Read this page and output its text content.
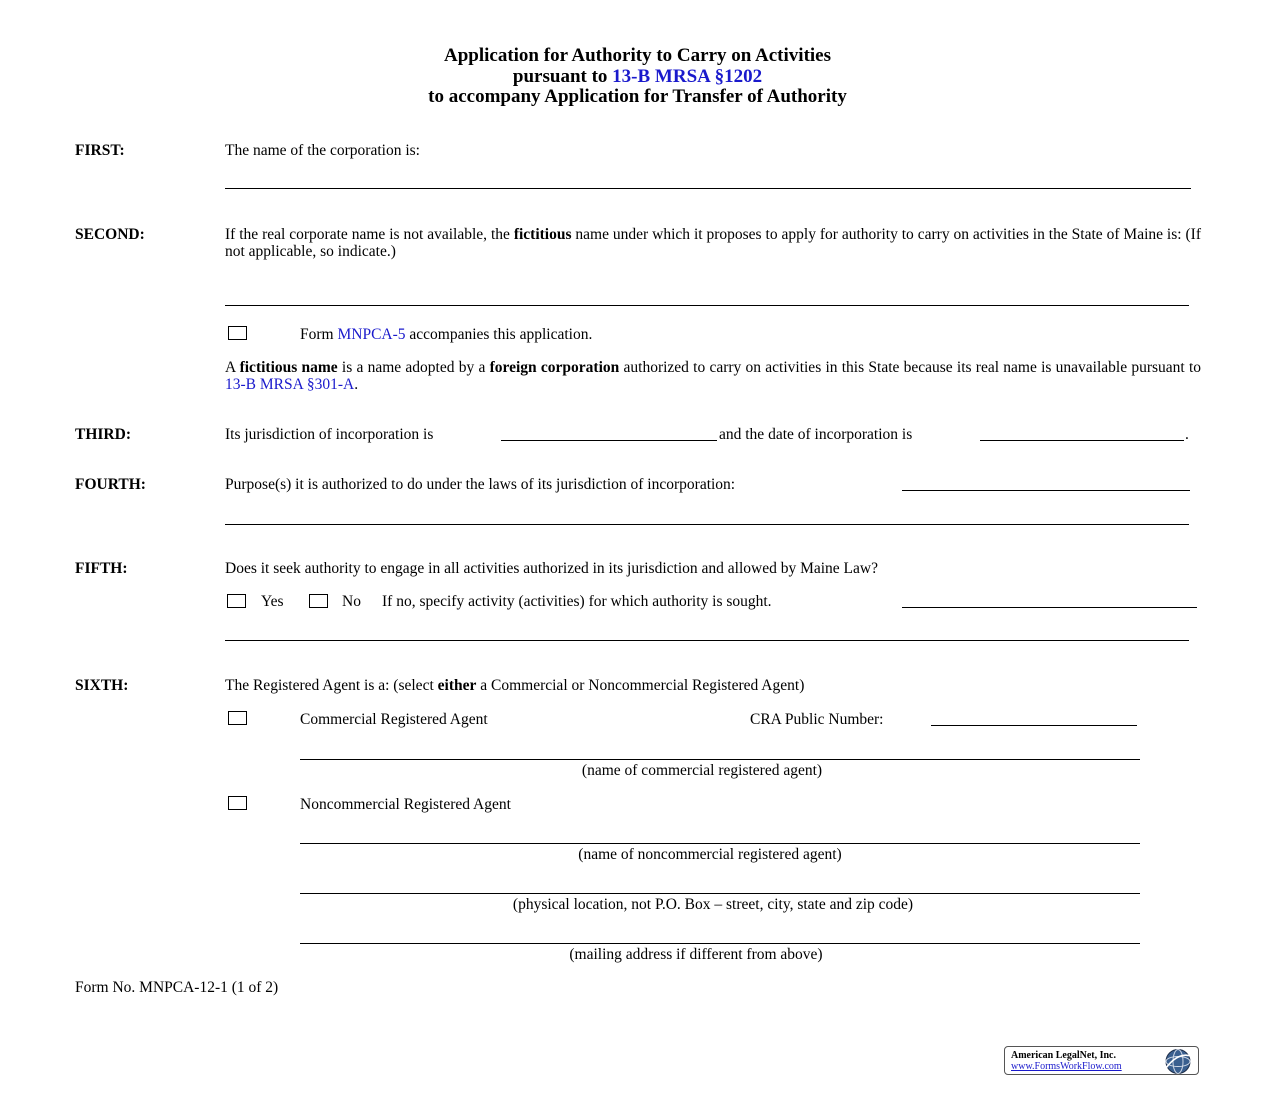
Application for Authority to Carry on Activities
pursuant to 13-B MRSA §1202
to accompany Application for Transfer of Authority
FIRST:	The name of the corporation is:
SECOND:	If the real corporate name is not available, the fictitious name under which it proposes to apply for authority to carry on activities in the State of Maine is: (If not applicable, so indicate.)
Form MNPCA-5 accompanies this application.
A fictitious name is a name adopted by a foreign corporation authorized to carry on activities in this State because its real name is unavailable pursuant to 13-B MRSA §301-A.
THIRD:	Its jurisdiction of incorporation is	and the date of incorporation is	.
FOURTH:	Purpose(s) it is authorized to do under the laws of its jurisdiction of incorporation:
FIFTH:	Does it seek authority to engage in all activities authorized in its jurisdiction and allowed by Maine Law?
Yes	No If no, specify activity (activities) for which authority is sought.
SIXTH:	The Registered Agent is a: (select either a Commercial or Noncommercial Registered Agent)
Commercial Registered Agent	CRA Public Number:
(name of commercial registered agent)
Noncommercial Registered Agent
(name of noncommercial registered agent)
(physical location, not P.O. Box – street, city, state and zip code)
(mailing address if different from above)
Form No. MNPCA-12-1 (1 of 2)
American LegalNet, Inc.
www.FormsWorkFlow.com
